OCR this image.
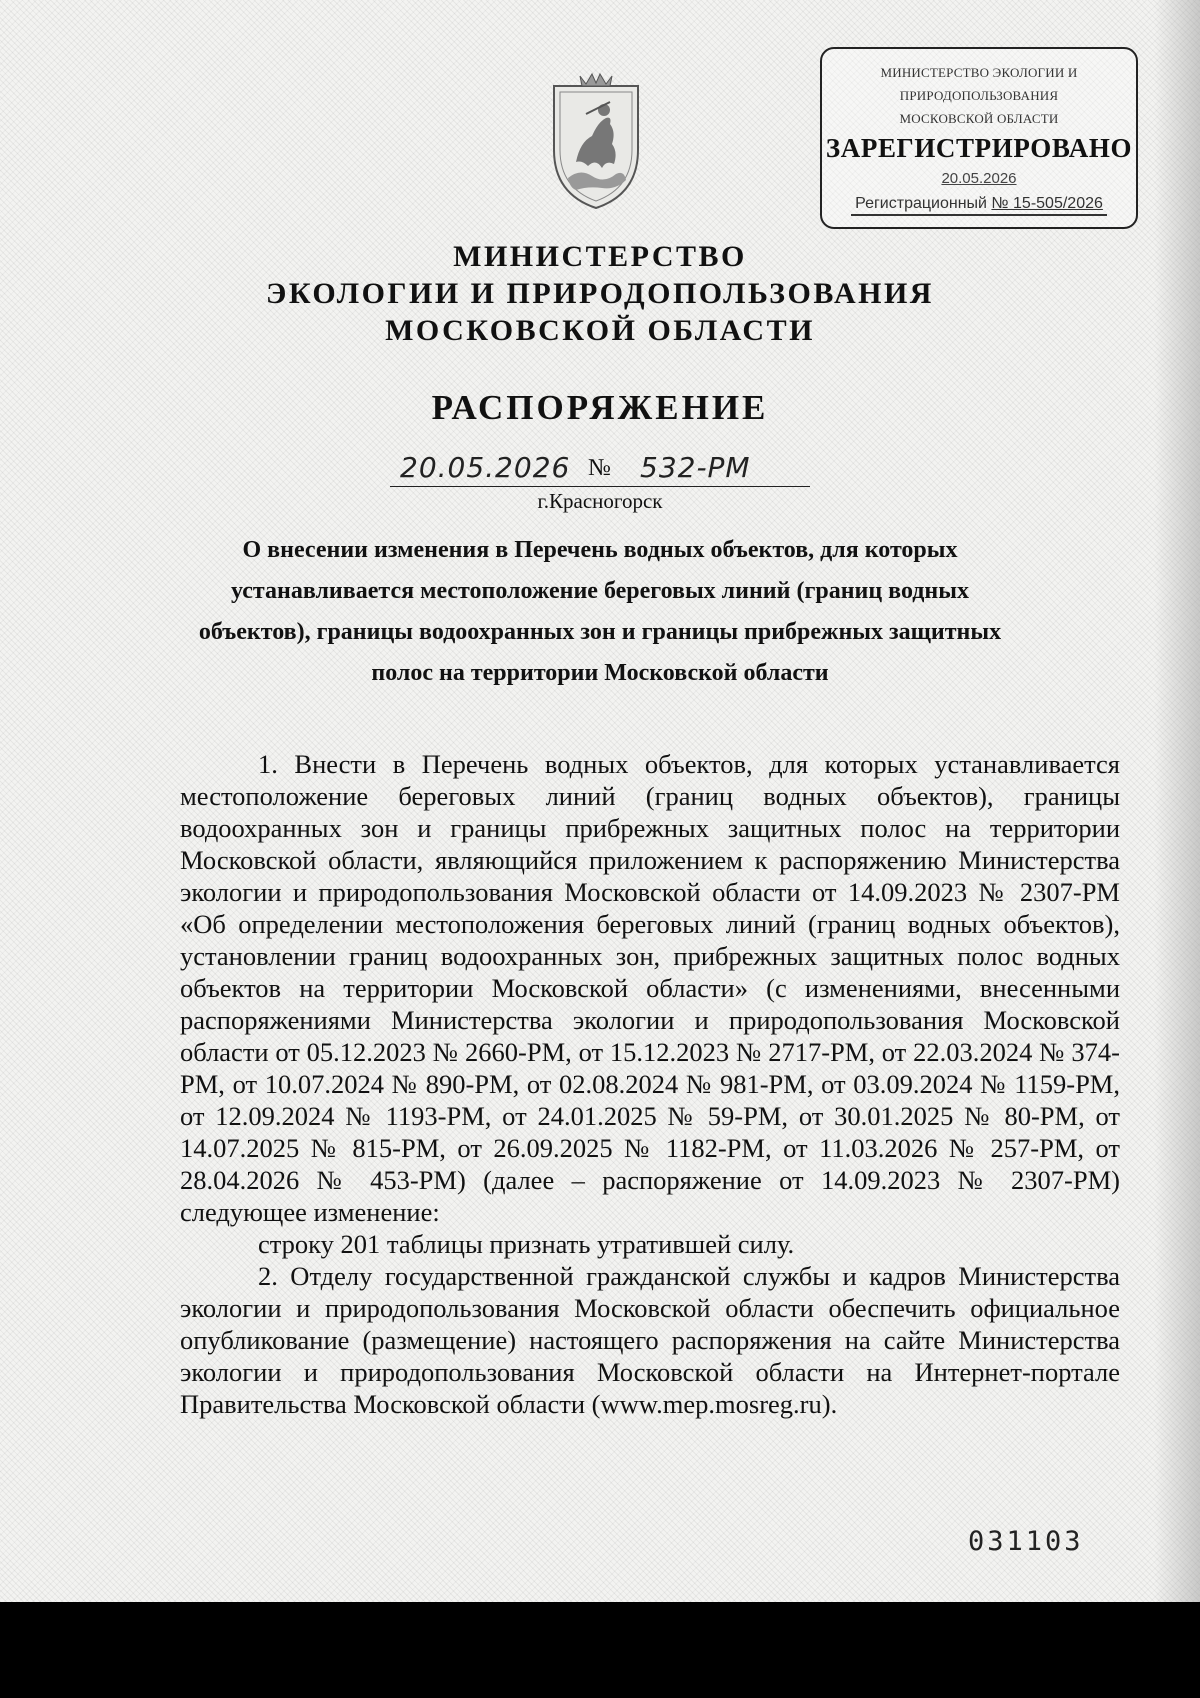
МИНИСТЕРСТВО ЭКОЛОГИИ И
ПРИРОДОПОЛЬЗОВАНИЯ
МОСКОВСКОЙ ОБЛАСТИ
ЗАРЕГИСТРИРОВАНО
20.05.2026
Регистрационный № 15-505/2026
МИНИСТЕРСТВО
ЭКОЛОГИИ И ПРИРОДОПОЛЬЗОВАНИЯ
МОСКОВСКОЙ ОБЛАСТИ
РАСПОРЯЖЕНИЕ
20.05.2026 № 532-РМ
г.Красногорск
О внесении изменения в Перечень водных объектов, для которых устанавливается местоположение береговых линий (границ водных объектов), границы водоохранных зон и границы прибрежных защитных полос на территории Московской области

1. Внести в Перечень водных объектов, для которых устанавливается местоположение береговых линий (границ водных объектов), границы водоохранных зон и границы прибрежных защитных полос на территории Московской области, являющийся приложением к распоряжению Министерства экологии и природопользования Московской области от 14.09.2023 № 2307-РМ «Об определении местоположения береговых линий (границ водных объектов), установлении границ водоохранных зон, прибрежных защитных полос водных объектов на территории Московской области» (с изменениями, внесенными распоряжениями Министерства экологии и природопользования Московской области от 05.12.2023 № 2660-РМ, от 15.12.2023 № 2717-РМ, от 22.03.2024 № 374-РМ, от 10.07.2024 № 890-РМ, от 02.08.2024 № 981-РМ, от 03.09.2024 № 1159-РМ, от 12.09.2024 № 1193-РМ, от 24.01.2025 № 59-РМ, от 30.01.2025 № 80-РМ, от 14.07.2025 № 815-РМ, от 26.09.2025 № 1182-РМ, от 11.03.2026 № 257-РМ, от 28.04.2026 № 453-РМ) (далее – распоряжение от 14.09.2023 № 2307-РМ) следующее изменение:

строку 201 таблицы признать утратившей силу.

2. Отделу государственной гражданской службы и кадров Министерства экологии и природопользования Московской области обеспечить официальное опубликование (размещение) настоящего распоряжения на сайте Министерства экологии и природопользования Московской области на Интернет-портале Правительства Московской области (www.mep.mosreg.ru).

031103
